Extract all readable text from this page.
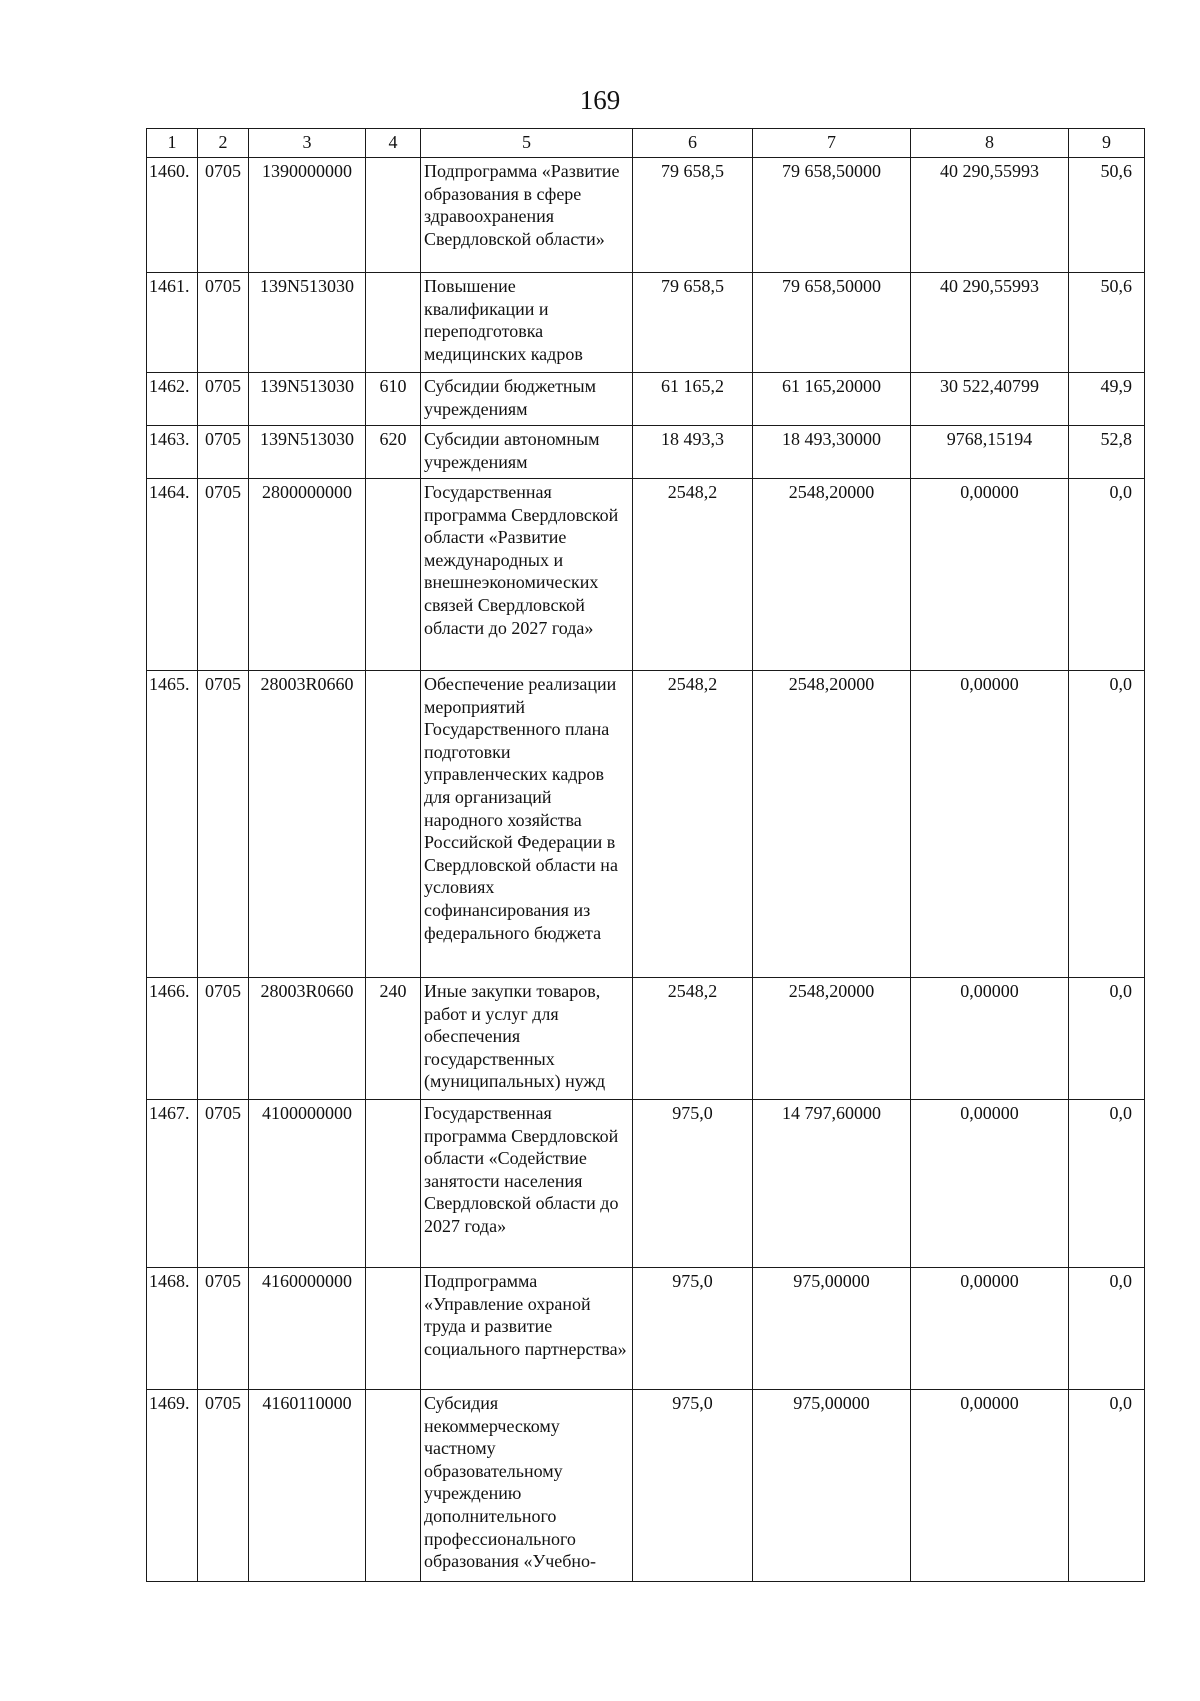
169
1	2	3	4	5	6	7	8	9
1460.	0705	1390000000		Подпрограмма «Развитие образования в сфере здравоохранения Свердловской области»	79 658,5	79 658,50000	40 290,55993	50,6
1461.	0705	139N513030		Повышение квалификации и переподготовка медицинских кадров	79 658,5	79 658,50000	40 290,55993	50,6
1462.	0705	139N513030	610	Субсидии бюджетным учреждениям	61 165,2	61 165,20000	30 522,40799	49,9
1463.	0705	139N513030	620	Субсидии автономным учреждениям	18 493,3	18 493,30000	9768,15194	52,8
1464.	0705	2800000000		Государственная программа Свердловской области «Развитие международных и внешнеэкономических связей Свердловской области до 2027 года»	2548,2	2548,20000	0,00000	0,0
1465.	0705	28003R0660		Обеспечение реализации мероприятий Государственного плана подготовки управленческих кадров для организаций народного хозяйства Российской Федерации в Свердловской области на условиях софинансирования из федерального бюджета	2548,2	2548,20000	0,00000	0,0
1466.	0705	28003R0660	240	Иные закупки товаров, работ и услуг для обеспечения государственных (муниципальных) нужд	2548,2	2548,20000	0,00000	0,0
1467.	0705	4100000000		Государственная программа Свердловской области «Содействие занятости населения Свердловской области до 2027 года»	975,0	14 797,60000	0,00000	0,0
1468.	0705	4160000000		Подпрограмма «Управление охраной труда и развитие социального партнерства»	975,0	975,00000	0,00000	0,0
1469.	0705	4160110000		Субсидия некоммерческому частному образовательному учреждению дополнительного профессионального образования «Учебно-	975,0	975,00000	0,00000	0,0
